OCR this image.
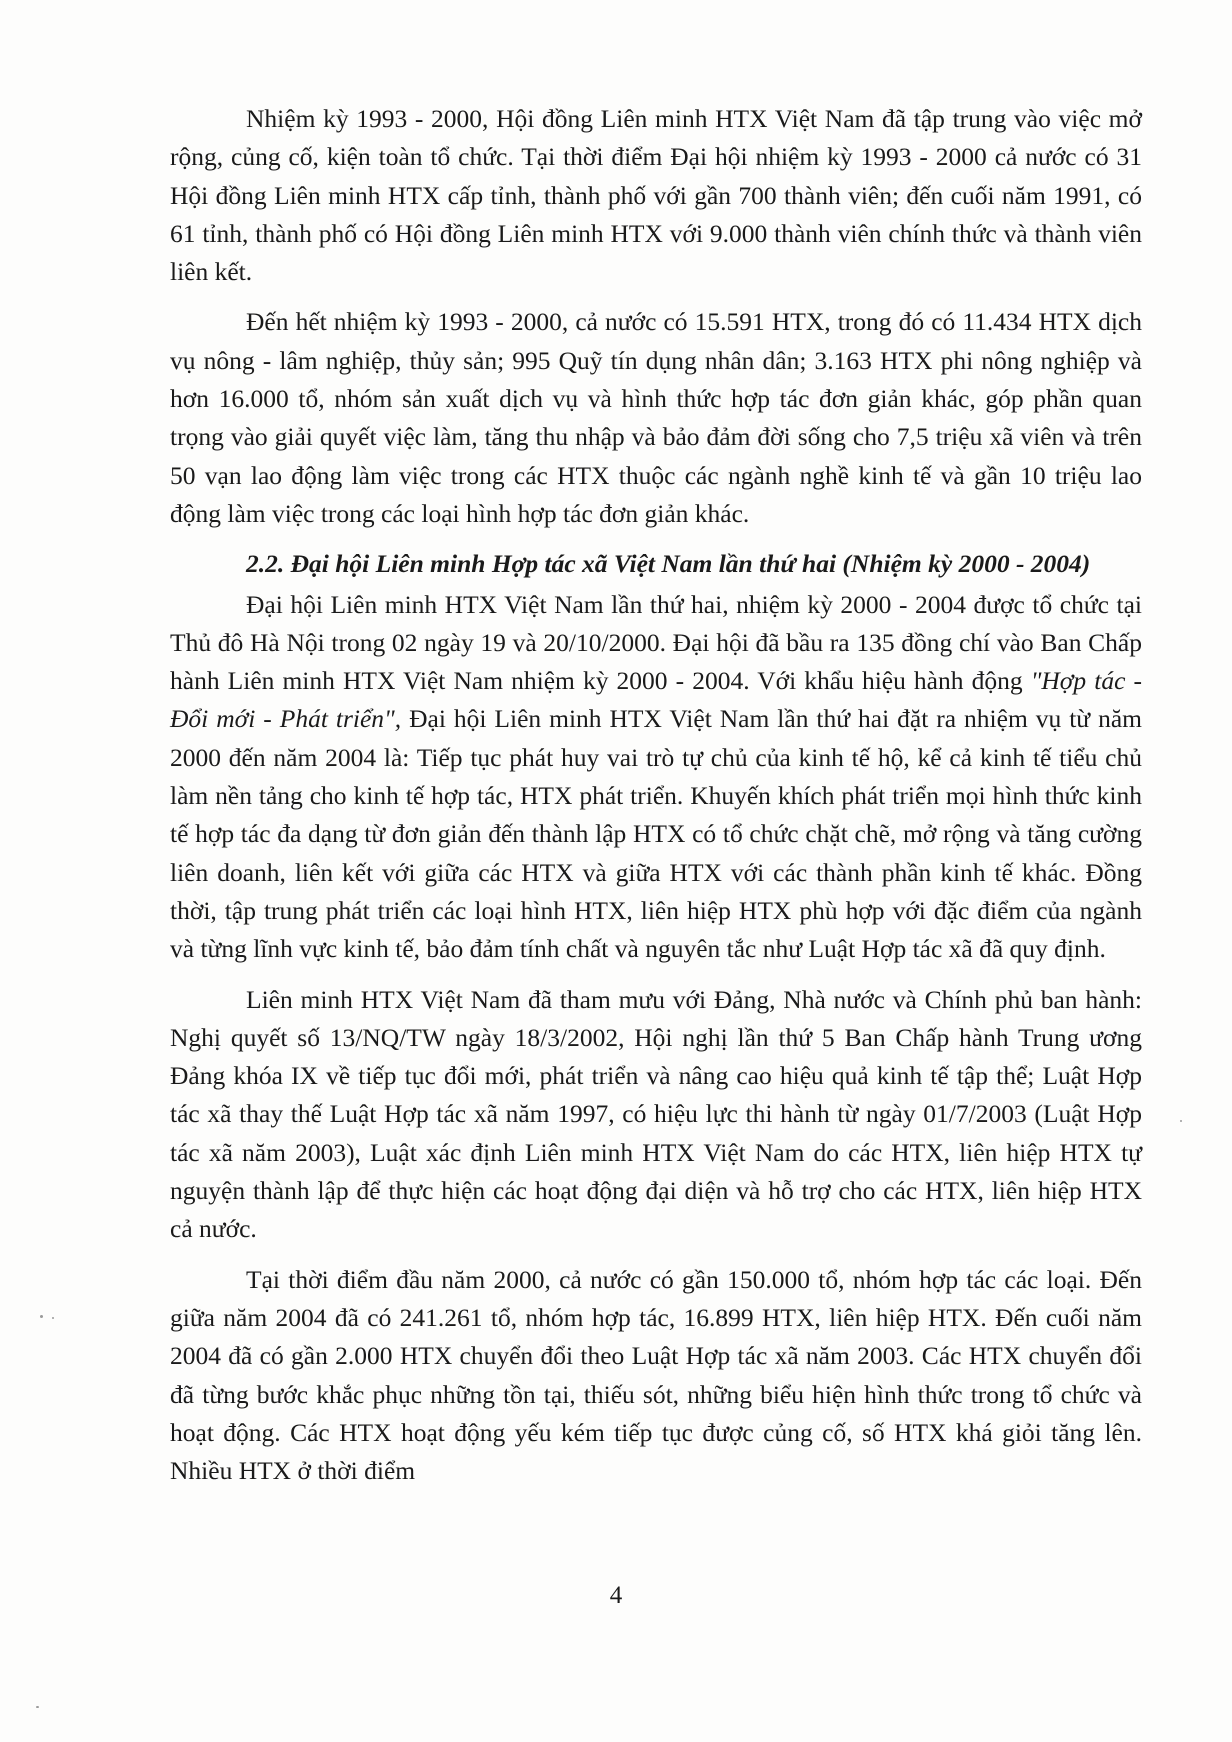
Nhiệm kỳ 1993 - 2000, Hội đồng Liên minh HTX Việt Nam đã tập trung vào việc mở rộng, củng cố, kiện toàn tổ chức. Tại thời điểm Đại hội nhiệm kỳ 1993 - 2000 cả nước có 31 Hội đồng Liên minh HTX cấp tỉnh, thành phố với gần 700 thành viên; đến cuối năm 1991, có 61 tỉnh, thành phố có Hội đồng Liên minh HTX với 9.000 thành viên chính thức và thành viên liên kết.

Đến hết nhiệm kỳ 1993 - 2000, cả nước có 15.591 HTX, trong đó có 11.434 HTX dịch vụ nông - lâm nghiệp, thủy sản; 995 Quỹ tín dụng nhân dân; 3.163 HTX phi nông nghiệp và hơn 16.000 tổ, nhóm sản xuất dịch vụ và hình thức hợp tác đơn giản khác, góp phần quan trọng vào giải quyết việc làm, tăng thu nhập và bảo đảm đời sống cho 7,5 triệu xã viên và trên 50 vạn lao động làm việc trong các HTX thuộc các ngành nghề kinh tế và gần 10 triệu lao động làm việc trong các loại hình hợp tác đơn giản khác.

2.2. Đại hội Liên minh Hợp tác xã Việt Nam lần thứ hai (Nhiệm kỳ 2000 - 2004)

Đại hội Liên minh HTX Việt Nam lần thứ hai, nhiệm kỳ 2000 - 2004 được tổ chức tại Thủ đô Hà Nội trong 02 ngày 19 và 20/10/2000. Đại hội đã bầu ra 135 đồng chí vào Ban Chấp hành Liên minh HTX Việt Nam nhiệm kỳ 2000 - 2004. Với khẩu hiệu hành động "Hợp tác - Đổi mới - Phát triển", Đại hội Liên minh HTX Việt Nam lần thứ hai đặt ra nhiệm vụ từ năm 2000 đến năm 2004 là: Tiếp tục phát huy vai trò tự chủ của kinh tế hộ, kể cả kinh tế tiểu chủ làm nền tảng cho kinh tế hợp tác, HTX phát triển. Khuyến khích phát triển mọi hình thức kinh tế hợp tác đa dạng từ đơn giản đến thành lập HTX có tổ chức chặt chẽ, mở rộng và tăng cường liên doanh, liên kết với giữa các HTX và giữa HTX với các thành phần kinh tế khác. Đồng thời, tập trung phát triển các loại hình HTX, liên hiệp HTX phù hợp với đặc điểm của ngành và từng lĩnh vực kinh tế, bảo đảm tính chất và nguyên tắc như Luật Hợp tác xã đã quy định.

Liên minh HTX Việt Nam đã tham mưu với Đảng, Nhà nước và Chính phủ ban hành: Nghị quyết số 13/NQ/TW ngày 18/3/2002, Hội nghị lần thứ 5 Ban Chấp hành Trung ương Đảng khóa IX về tiếp tục đổi mới, phát triển và nâng cao hiệu quả kinh tế tập thể; Luật Hợp tác xã thay thế Luật Hợp tác xã năm 1997, có hiệu lực thi hành từ ngày 01/7/2003 (Luật Hợp tác xã năm 2003), Luật xác định Liên minh HTX Việt Nam do các HTX, liên hiệp HTX tự nguyện thành lập để thực hiện các hoạt động đại diện và hỗ trợ cho các HTX, liên hiệp HTX cả nước.

Tại thời điểm đầu năm 2000, cả nước có gần 150.000 tổ, nhóm hợp tác các loại. Đến giữa năm 2004 đã có 241.261 tổ, nhóm hợp tác, 16.899 HTX, liên hiệp HTX. Đến cuối năm 2004 đã có gần 2.000 HTX chuyển đổi theo Luật Hợp tác xã năm 2003. Các HTX chuyển đổi đã từng bước khắc phục những tồn tại, thiếu sót, những biểu hiện hình thức trong tổ chức và hoạt động. Các HTX hoạt động yếu kém tiếp tục được củng cố, số HTX khá giỏi tăng lên. Nhiều HTX ở thời điểm

4
